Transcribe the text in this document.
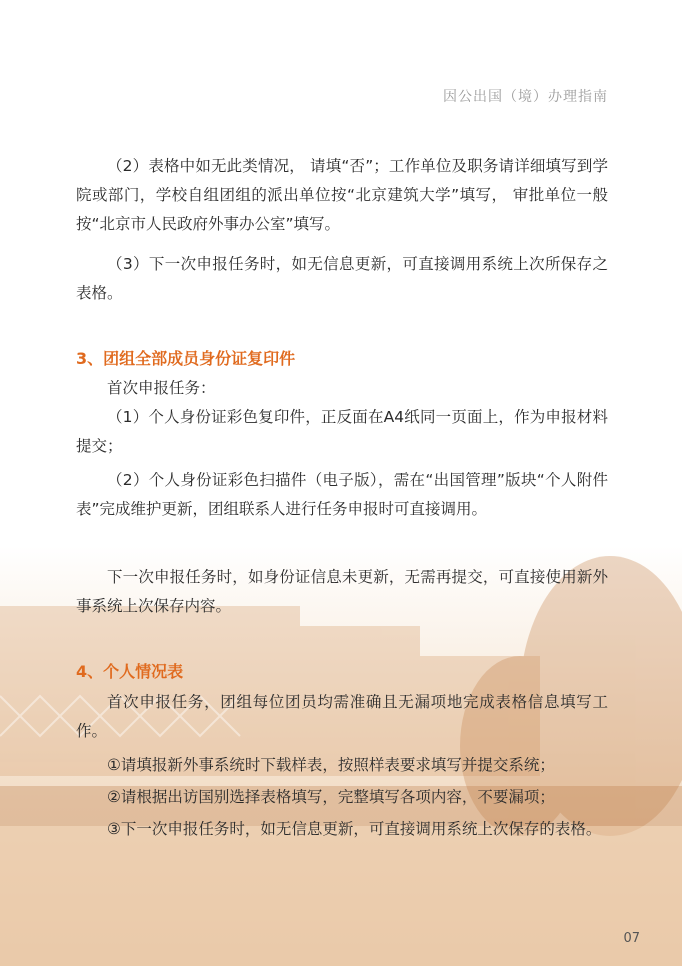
因公出国（境）办理指南

（2）表格中如无此类情况， 请填“否”；工作单位及职务请详细填写到学院或部门，学校自组团组的派出单位按“北京建筑大学”填写， 审批单位一般按“北京市人民政府外事办公室”填写。

（3）下一次申报任务时，如无信息更新，可直接调用系统上次所保存之表格。

3、团组全部成员身份证复印件

首次申报任务：

（1）个人身份证彩色复印件，正反面在A4纸同一页面上，作为申报材料提交；

（2）个人身份证彩色扫描件（电子版），需在“出国管理”版块“个人附件表”完成维护更新，团组联系人进行任务申报时可直接调用。

下一次申报任务时，如身份证信息未更新，无需再提交，可直接使用新外事系统上次保存内容。

4、个人情况表

首次申报任务，团组每位团员均需准确且无漏项地完成表格信息填写工作。

①请填报新外事系统时下载样表，按照样表要求填写并提交系统；

②请根据出访国别选择表格填写，完整填写各项内容，不要漏项；

③下一次申报任务时，如无信息更新，可直接调用系统上次保存的表格。

07
